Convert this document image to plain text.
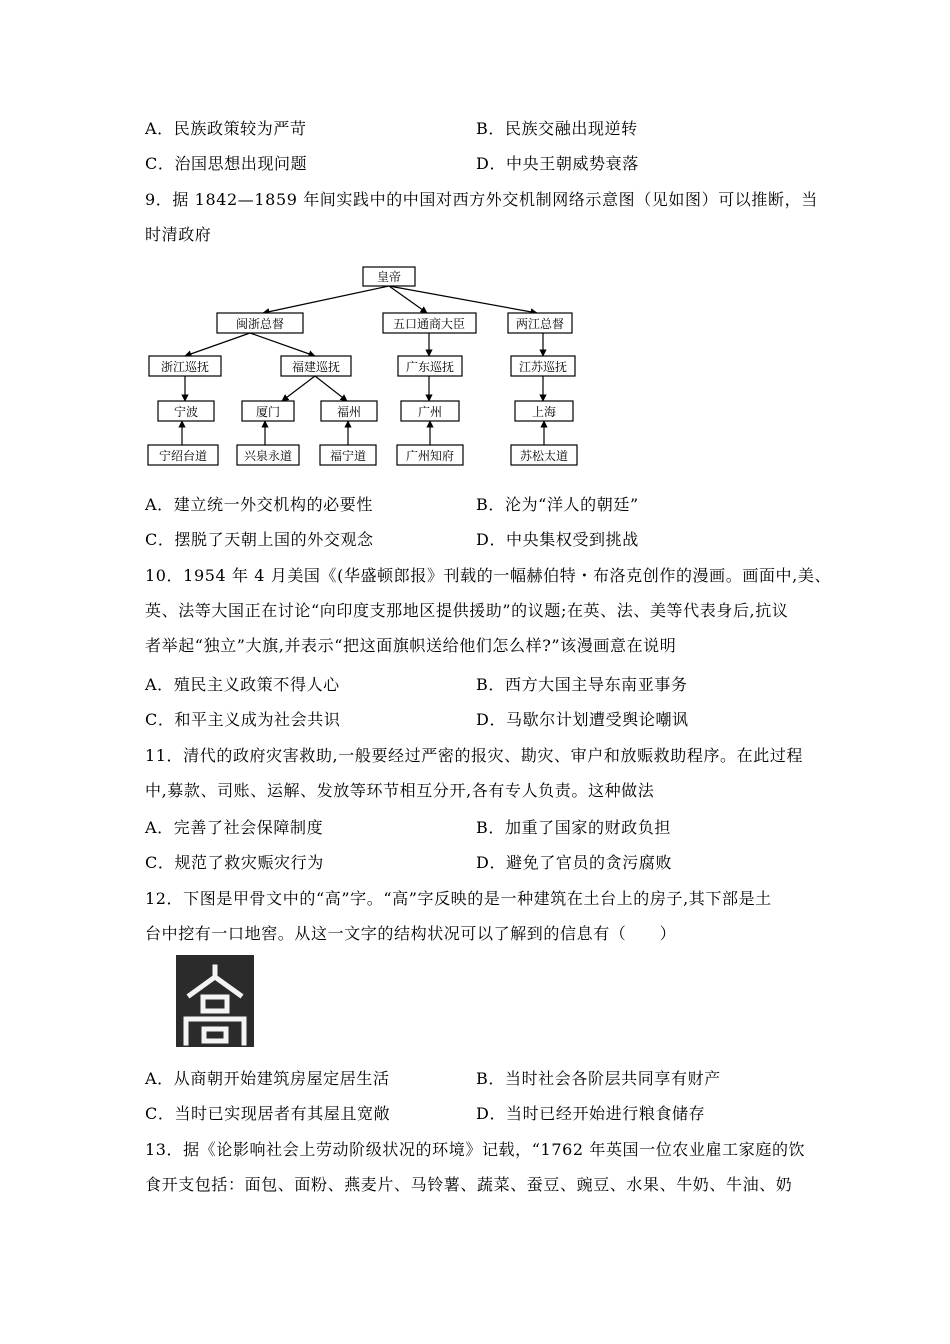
A．民族政策较为严苛	B．民族交融出现逆转
C．治国思想出现问题	D．中央王朝威势衰落
9．据 1842—1859 年间实践中的中国对西方外交机制网络示意图（见如图）可以推断，当
时清政府
皇帝
闽浙总督	五口通商大臣	两江总督
浙江巡抚	福建巡抚	广东巡抚	江苏巡抚
宁波	厦门	福州	广州	上海
宁绍台道	兴泉永道	福宁道	广州知府	苏松太道
A．建立统一外交机构的必要性	B．沦为“洋人的朝廷”
C．摆脱了天朝上国的外交观念	D．中央集权受到挑战
10．1954 年 4 月美国《(华盛顿郎报》刊载的一幅赫伯特・布洛克创作的漫画。画面中,美、
英、法等大国正在讨论“向印度支那地区提供援助”的议题;在英、法、美等代表身后,抗议
者举起“独立”大旗,并表示“把这面旗帜送给他们怎么样?”该漫画意在说明
A．殖民主义政策不得人心	B．西方大国主导东南亚事务
C．和平主义成为社会共识	D．马歇尔计划遭受舆论嘲讽
11．清代的政府灾害救助,一般要经过严密的报灾、勘灾、审户和放赈救助程序。在此过程
中,募款、司账、运解、发放等环节相互分开,各有专人负责。这种做法
A．完善了社会保障制度	B．加重了国家的财政负担
C．规范了救灾赈灾行为	D．避免了官员的贪污腐败
12．下图是甲骨文中的“高”字。“高”字反映的是一种建筑在土台上的房子,其下部是土
台中挖有一口地窖。从这一文字的结构状况可以了解到的信息有（　　）
A．从商朝开始建筑房屋定居生活	B．当时社会各阶层共同享有财产
C．当时已实现居者有其屋且宽敞	D．当时已经开始进行粮食储存
13．据《论影响社会上劳动阶级状况的环境》记载，“1762 年英国一位农业雇工家庭的饮
食开支包括：面包、面粉、燕麦片、马铃薯、蔬菜、蚕豆、豌豆、水果、牛奶、牛油、奶
